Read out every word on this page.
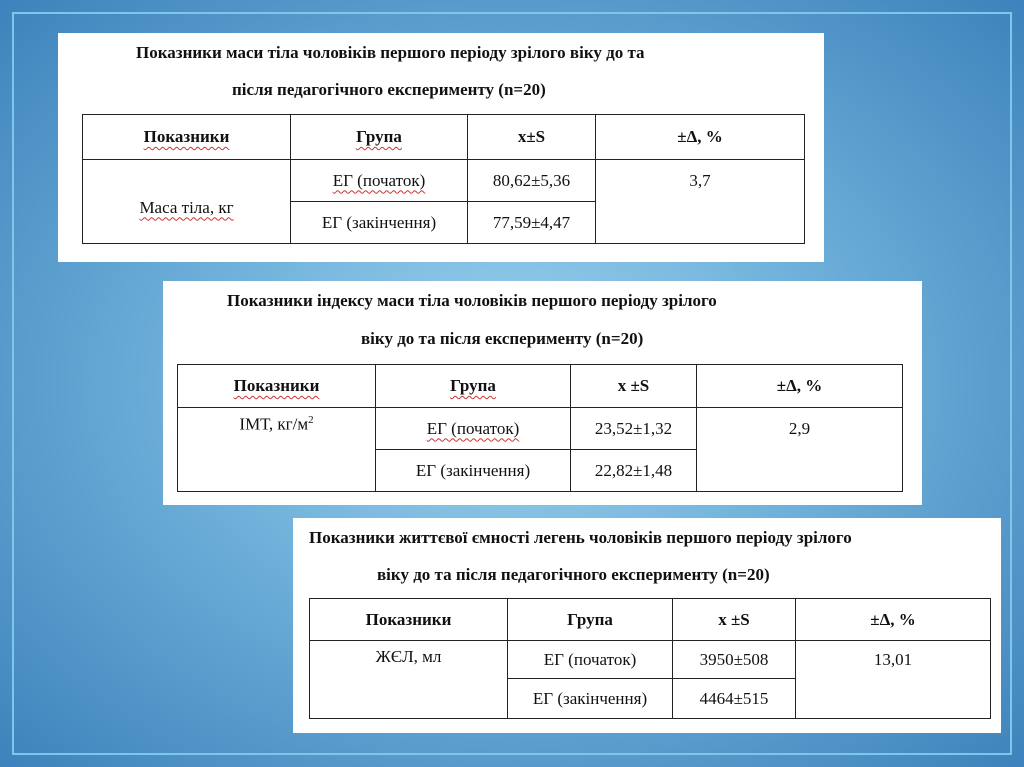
Показники маси тіла чоловіків першого періоду зрілого віку до та
після педагогічного експерименту (n=20)
Показники	Група	x±S	±Δ, %
Маса тіла, кг	ЕГ (початок)	80,62±5,36	3,7
	ЕГ (закінчення)	77,59±4,47	
Показники індексу маси тіла чоловіків першого періоду зрілого
віку до та після експерименту (n=20)
Показники	Група	x ±S	±Δ, %
ІМТ, $кг/м^2$	ЕГ (початок)	23,52±1,32	2,9
	ЕГ (закінчення)	22,82±1,48	
Показники життєвої ємності легень чоловіків першого періоду зрілого
віку до та після педагогічного експерименту (n=20)
Показники	Група	x ±S	±Δ, %
ЖЄЛ, мл	ЕГ (початок)	3950±508	13,01
	ЕГ (закінчення)	4464±515	
